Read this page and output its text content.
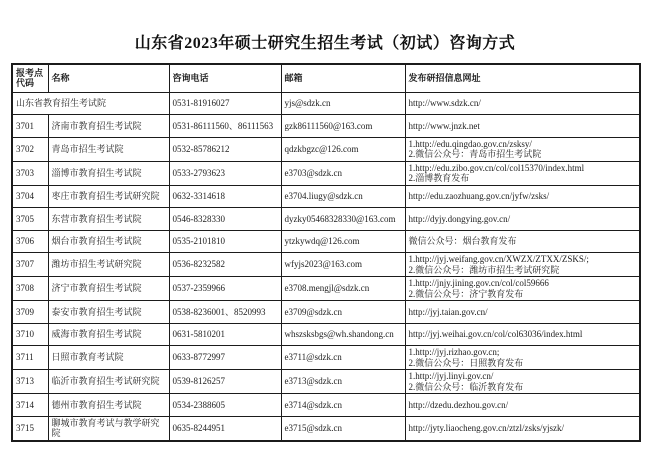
山东省2023年硕士研究生招生考试（初试）咨询方式
报考点代码	名称	咨询电话	邮箱	发布研招信息网址
山东省教育招生考试院		0531-81916027	yjs@sdzk.cn	http://www.sdzk.cn/

3701	济南市教育招生考试院	0531-86111560、86111563	gzk86111560@163.com	http://www.jnzk.net

3702	青岛市招生考试院	0532-85786212	qdzkbgzc@126.com	1.http://edu.qingdao.gov.cn/zsksy/
2.微信公众号：青岛市招生考试院

3703	淄博市教育招生考试院	0533-2793623	e3703@sdzk.cn	1.http://edu.zibo.gov.cn/col/col15370/index.html
2.淄博教育发布

3704	枣庄市教育招生考试研究院	0632-3314618	e3704.liugy@sdzk.cn	http://edu.zaozhuang.gov.cn/jyfw/zsks/

3705	东营市教育招生考试院	0546-8328330	dyzky05468328330@163.com	http://dyjy.dongying.gov.cn/

3706	烟台市教育招生考试院	0535-2101810	ytzkywdq@126.com	微信公众号：烟台教育发布

3707	潍坊市招生考试研究院	0536-8232582	wfyjs2023@163.com	1.http://jyj.weifang.gov.cn/XWZX/ZTXX/ZSKS/;
2.微信公众号：潍坊市招生考试研究院

3708	济宁市教育招生考试院	0537-2359966	e3708.mengjl@sdzk.cn	1.http://jnjy.jining.gov.cn/col/col59666
2.微信公众号：济宁教育发布

3709	泰安市教育招生考试院	0538-8236001、8520993	e3709@sdzk.cn	http://jyj.taian.gov.cn/

3710	威海市教育招生考试院	0631-5810201	whszsksbgs@wh.shandong.cn	http://jyj.weihai.gov.cn/col/col63036/index.html

3711	日照市教育考试院	0633-8772997	e3711@sdzk.cn	1.http://jyj.rizhao.gov.cn;
2.微信公众号：日照教育发布

3713	临沂市教育招生考试研究院	0539-8126257	e3713@sdzk.cn	1.http://jyj.linyi.gov.cn/
2.微信公众号：临沂教育发布

3714	德州市教育招生考试院	0534-2388605	e3714@sdzk.cn	http://dzedu.dezhou.gov.cn/

3715	聊城市教育考试与教学研究院	0635-8244951	e3715@sdzk.cn	http://jyty.liaocheng.gov.cn/ztzl/zsks/yjszk/
